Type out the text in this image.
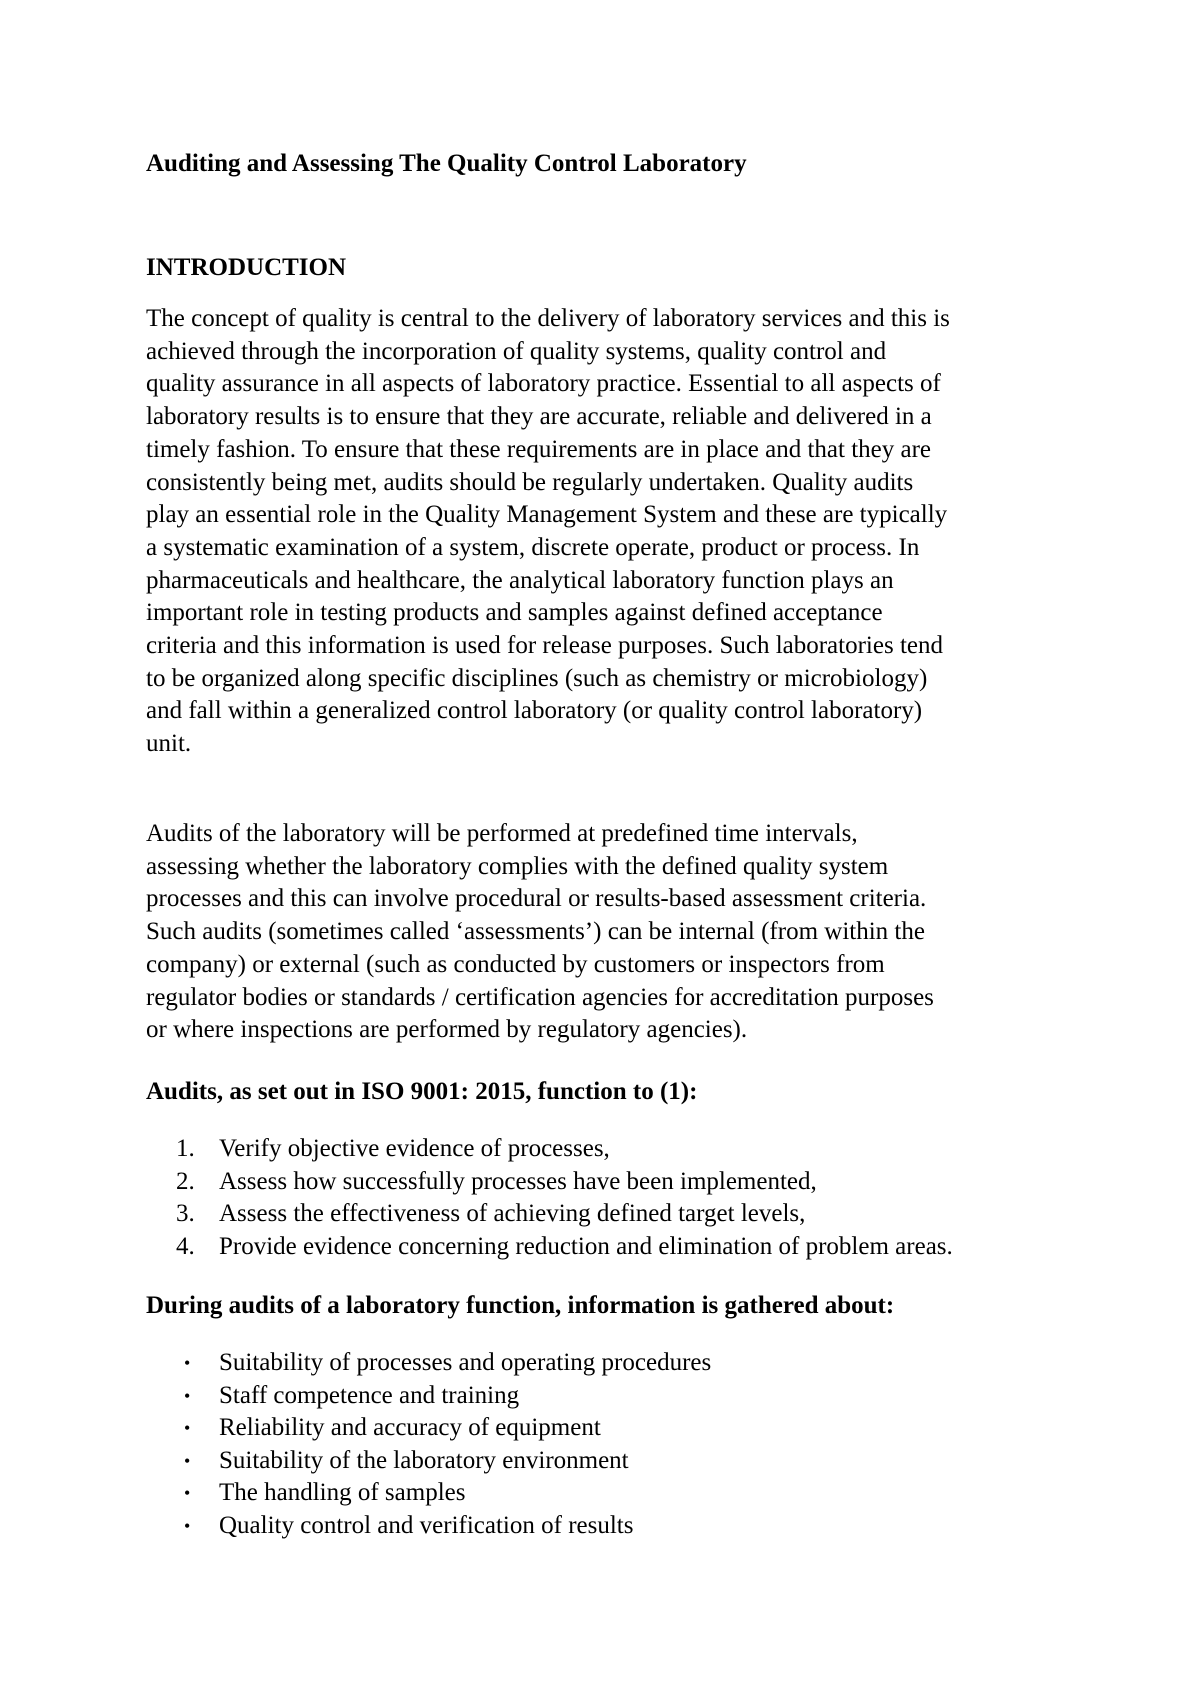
Auditing and Assessing The Quality Control Laboratory
INTRODUCTION
The concept of quality is central to the delivery of laboratory services and this is
achieved through the incorporation of quality systems, quality control and
quality assurance in all aspects of laboratory practice. Essential to all aspects of
laboratory results is to ensure that they are accurate, reliable and delivered in a
timely fashion. To ensure that these requirements are in place and that they are
consistently being met, audits should be regularly undertaken. Quality audits
play an essential role in the Quality Management System and these are typically
a systematic examination of a system, discrete operate, product or process. In
pharmaceuticals and healthcare, the analytical laboratory function plays an
important role in testing products and samples against defined acceptance
criteria and this information is used for release purposes. Such laboratories tend
to be organized along specific disciplines (such as chemistry or microbiology)
and fall within a generalized control laboratory (or quality control laboratory)
unit.
Audits of the laboratory will be performed at predefined time intervals,
assessing whether the laboratory complies with the defined quality system
processes and this can involve procedural or results-based assessment criteria.
Such audits (sometimes called ‘assessments’) can be internal (from within the
company) or external (such as conducted by customers or inspectors from
regulator bodies or standards / certification agencies for accreditation purposes
or where inspections are performed by regulatory agencies).
Audits, as set out in ISO 9001: 2015, function to (1):
1. Verify objective evidence of processes,
2. Assess how successfully processes have been implemented,
3. Assess the effectiveness of achieving defined target levels,
4. Provide evidence concerning reduction and elimination of problem areas.
During audits of a laboratory function, information is gathered about:
•	Suitability of processes and operating procedures
•	Staff competence and training
•	Reliability and accuracy of equipment
•	Suitability of the laboratory environment
•	The handling of samples
•	Quality control and verification of results
